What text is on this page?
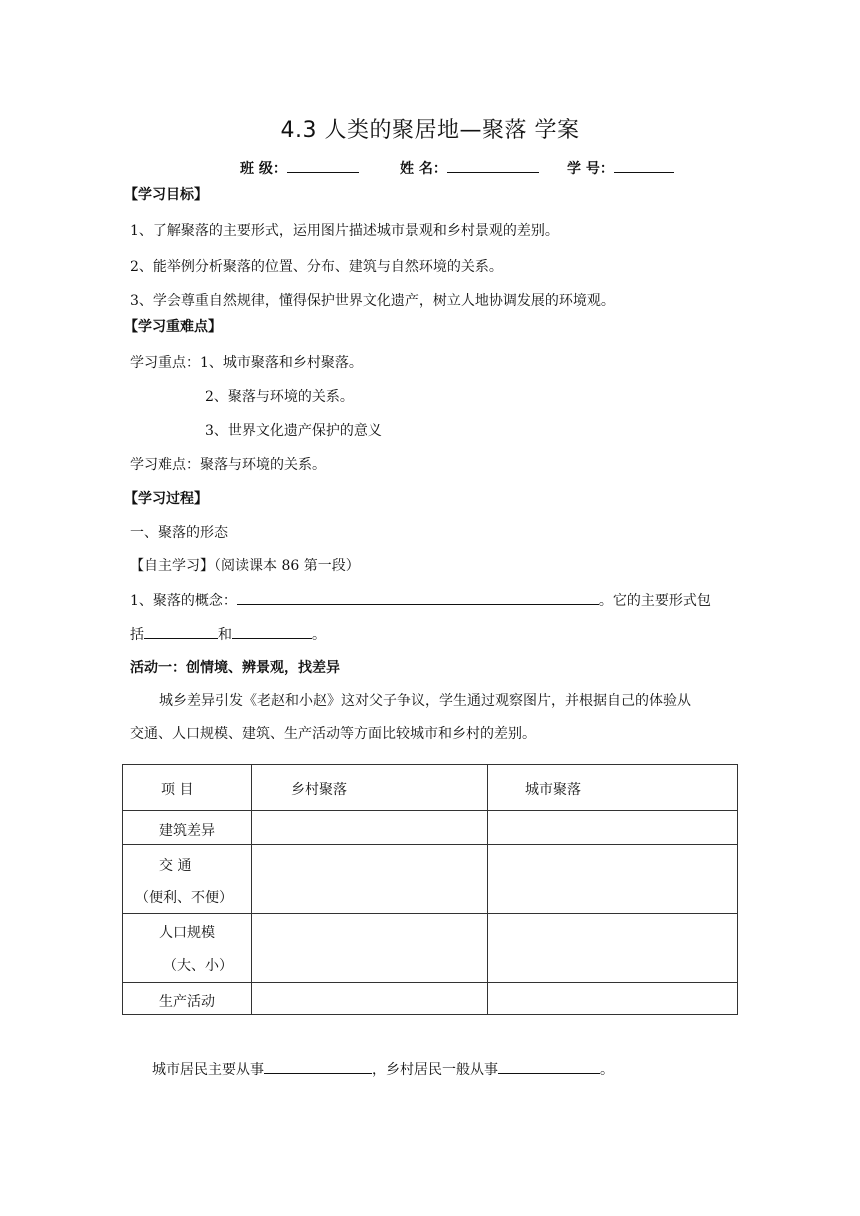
4.3 人类的聚居地—聚落 学案
班 级：	姓 名：	学 号：
【学习目标】
1、了解聚落的主要形式，运用图片描述城市景观和乡村景观的差别。
2、能举例分析聚落的位置、分布、建筑与自然环境的关系。
3、学会尊重自然规律，懂得保护世界文化遗产，树立人地协调发展的环境观。
【学习重难点】
学习重点：1、城市聚落和乡村聚落。
2、聚落与环境的关系。
3、世界文化遗产保护的意义
学习难点：聚落与环境的关系。
【学习过程】
一、聚落的形态
【自主学习】（阅读课本 86 第一段）
1、聚落的概念：	。它的主要形式包
括	和	。
活动一：创情境、辨景观，找差异
城乡差异引发《老赵和小赵》这对父子争议，学生通过观察图片，并根据自己的体验从
交通、人口规模、建筑、生产活动等方面比较城市和乡村的差别。
项 目	乡村聚落	城市聚落
建筑差异
交 通
（便利、不便）
人口规模
（大、小）
生产活动
城市居民主要从事	，乡村居民一般从事	。
